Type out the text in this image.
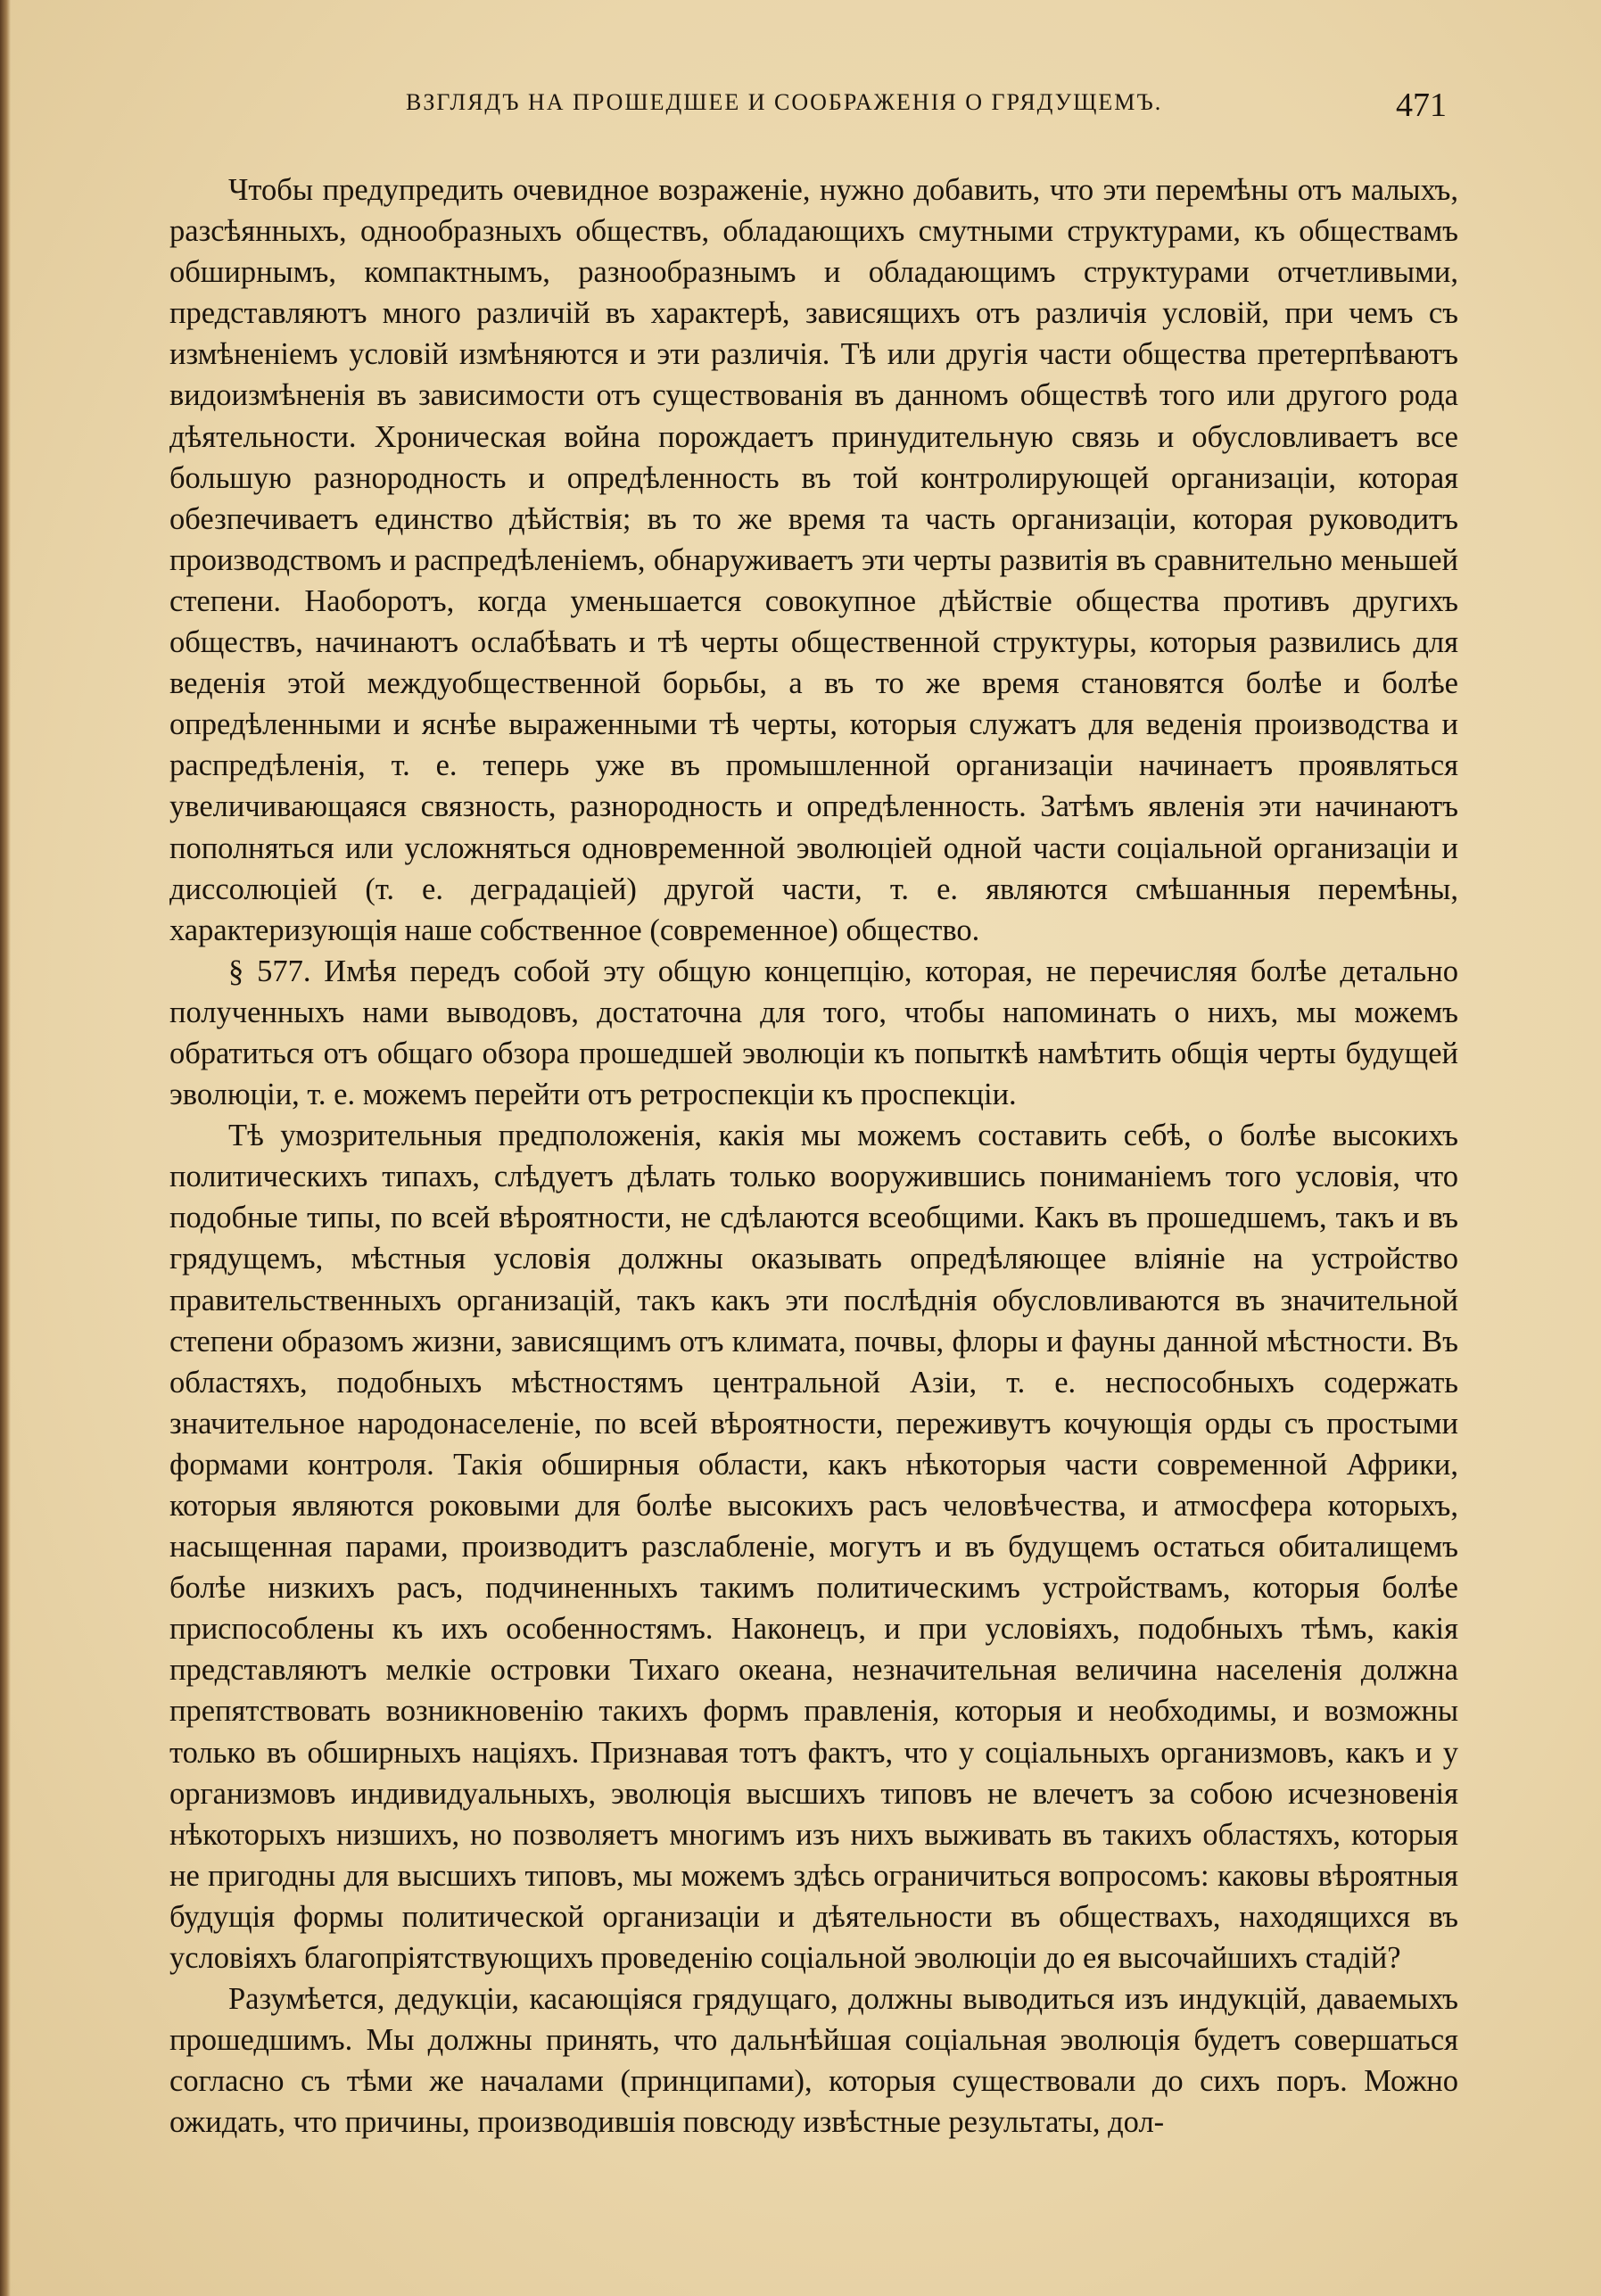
ВЗГЛЯДЪ НА ПРОШЕДШЕЕ И СООБРАЖЕНІЯ О ГРЯДУЩЕМЪ.	471

Чтобы предупредить очевидное возраженіе, нужно добавить, что эти перемѣны отъ малыхъ, разсѣянныхъ, однообразныхъ обществъ, обладающихъ смутными структурами, къ обществамъ обширнымъ, компактнымъ, разнообразнымъ и обладающимъ структурами отчетливыми, представляютъ много различій въ характерѣ, зависящихъ отъ различія условій, при чемъ съ измѣненіемъ условій измѣняются и эти различія. Тѣ или другія части общества претерпѣваютъ видоизмѣненія въ зависимости отъ существованія въ данномъ обществѣ того или другого рода дѣятельности. Хроническая война порождаетъ принудительную связь и обусловливаетъ все большую разнородность и опредѣленность въ той контролирующей организаціи, которая обезпечиваетъ единство дѣйствія; въ то же время та часть организаціи, которая руководитъ производствомъ и распредѣленіемъ, обнаруживаетъ эти черты развитія въ сравнительно меньшей степени. Наоборотъ, когда уменьшается совокупное дѣйствіе общества противъ другихъ обществъ, начинаютъ ослабѣвать и тѣ черты общественной структуры, которыя развились для веденія этой междуобщественной борьбы, а въ то же время становятся болѣе и болѣе опредѣленными и яснѣе выраженными тѣ черты, которыя служатъ для веденія производства и распредѣленія, т. е. теперь уже въ промышленной организаціи начинаетъ проявляться увеличивающаяся связность, разнородность и опредѣленность. Затѣмъ явленія эти начинаютъ пополняться или усложняться одновременной эволюціей одной части соціальной организаціи и диссолюціей (т. е. деградаціей) другой части, т. е. являются смѣшанныя перемѣны, характеризующія наше собственное (современное) общество.

§ 577. Имѣя передъ собой эту общую концепцію, которая, не перечисляя болѣе детально полученныхъ нами выводовъ, достаточна для того, чтобы напоминать о нихъ, мы можемъ обратиться отъ общаго обзора прошедшей эволюціи къ попыткѣ намѣтить общія черты будущей эволюціи, т. е. можемъ перейти отъ ретроспекціи къ проспекціи.

Тѣ умозрительныя предположенія, какія мы можемъ составить себѣ, о болѣе высокихъ политическихъ типахъ, слѣдуетъ дѣлать только вооружившись пониманіемъ того условія, что подобные типы, по всей вѣроятности, не сдѣлаются всеобщими. Какъ въ прошедшемъ, такъ и въ грядущемъ, мѣстныя условія должны оказывать опредѣляющее вліяніе на устройство правительственныхъ организацій, такъ какъ эти послѣднія обусловливаются въ значительной степени образомъ жизни, зависящимъ отъ климата, почвы, флоры и фауны данной мѣстности. Въ областяхъ, подобныхъ мѣстностямъ центральной Азіи, т. е. неспособныхъ содержать значительное народонаселеніе, по всей вѣроятности, переживутъ кочующія орды съ простыми формами контроля. Такія обширныя области, какъ нѣкоторыя части современной Африки, которыя являются роковыми для болѣе высокихъ расъ человѣчества, и атмосфера которыхъ, насыщенная парами, производитъ разслабленіе, могутъ и въ будущемъ остаться обиталищемъ болѣе низкихъ расъ, подчиненныхъ такимъ политическимъ устройствамъ, которыя болѣе приспособлены къ ихъ особенностямъ. Наконецъ, и при условіяхъ, подобныхъ тѣмъ, какія представляютъ мелкіе островки Тихаго океана, незначительная величина населенія должна препятствовать возникновенію такихъ формъ правленія, которыя и необходимы, и возможны только въ обширныхъ націяхъ. Признавая тотъ фактъ, что у соціальныхъ организмовъ, какъ и у организмовъ индивидуальныхъ, эволюція высшихъ типовъ не влечетъ за собою исчезновенія нѣкоторыхъ низшихъ, но позволяетъ многимъ изъ нихъ выживать въ такихъ областяхъ, которыя не пригодны для высшихъ типовъ, мы можемъ здѣсь ограничиться вопросомъ: каковы вѣроятныя будущія формы политической организаціи и дѣятельности въ обществахъ, находящихся въ условіяхъ благопріятствующихъ проведенію соціальной эволюціи до ея высочайшихъ стадій?

Разумѣется, дедукціи, касающіяся грядущаго, должны выводиться изъ индукцій, даваемыхъ прошедшимъ. Мы должны принять, что дальнѣйшая соціальная эволюція будетъ совершаться согласно съ тѣми же началами (принципами), которыя существовали до сихъ поръ. Можно ожидать, что причины, производившія повсюду извѣстные результаты, дол-
